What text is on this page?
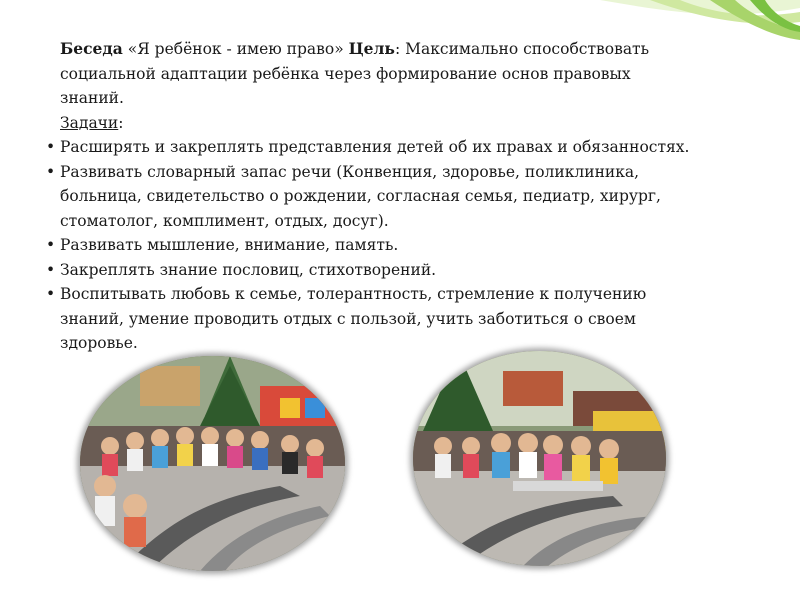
Беседа «Я ребёнок - имею право» Цель: Максимально способствовать
социальной адаптации ребёнка через формирование основ правовых
знаний.
Задачи:
• Расширять и закреплять представления детей об их правах и обязанностях.
• Развивать словарный запас речи (Конвенция, здоровье, поликлиника,
больница, свидетельство о рождении, согласная семья, педиатр, хирург,
стоматолог, комплимент, отдых, досуг).
• Развивать мышление, внимание, память.
• Закреплять знание пословиц, стихотворений.
• Воспитывать любовь к семье, толерантность, стремление к получению
знаний, умение проводить отдых с пользой, учить заботиться о своем
здоровье.
